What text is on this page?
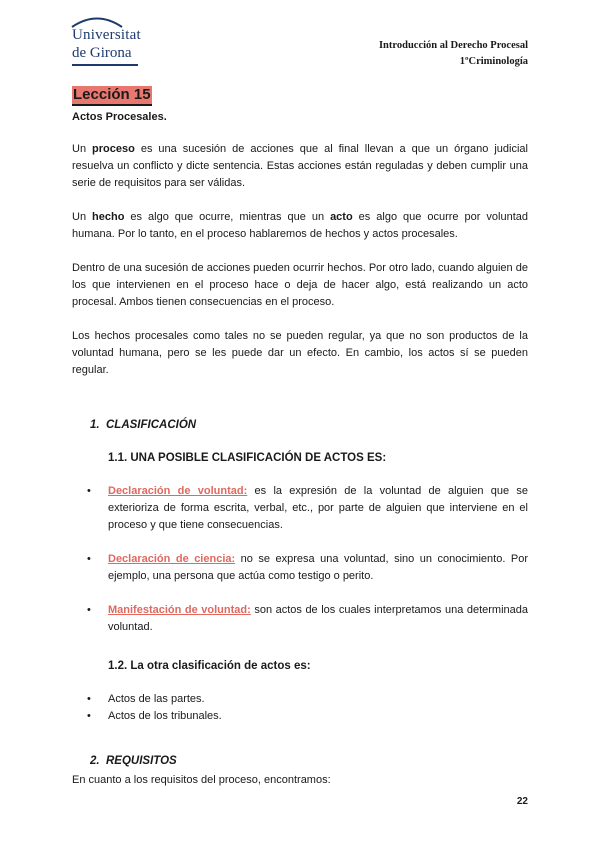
Universitat
de Girona	Introducción al Derecho Procesal
1ºCriminología
Lección 15
Actos Procesales.

Un proceso es una sucesión de acciones que al final llevan a que un órgano judicial resuelva un conflicto y dicte sentencia. Estas acciones están reguladas y deben cumplir una serie de requisitos para ser válidas.

Un hecho es algo que ocurre, mientras que un acto es algo que ocurre por voluntad humana. Por lo tanto, en el proceso hablaremos de hechos y actos procesales.

Dentro de una sucesión de acciones pueden ocurrir hechos. Por otro lado, cuando alguien de los que intervienen en el proceso hace o deja de hacer algo, está realizando un acto procesal. Ambos tienen consecuencias en el proceso.

Los hechos procesales como tales no se pueden regular, ya que no son productos de la voluntad humana, pero se les puede dar un efecto. En cambio, los actos sí se pueden regular.

1. CLASIFICACIÓN
1.1. UNA POSIBLE CLASIFICACIÓN DE ACTOS ES:
• Declaración de voluntad: es la expresión de la voluntad de alguien que se exterioriza de forma escrita, verbal, etc., por parte de alguien que interviene en el proceso y que tiene consecuencias.
• Declaración de ciencia: no se expresa una voluntad, sino un conocimiento. Por ejemplo, una persona que actúa como testigo o perito.
• Manifestación de voluntad: son actos de los cuales interpretamos una determinada voluntad.
1.2. La otra clasificación de actos es:
• Actos de las partes.
• Actos de los tribunales.
2. REQUISITOS
En cuanto a los requisitos del proceso, encontramos:
22
